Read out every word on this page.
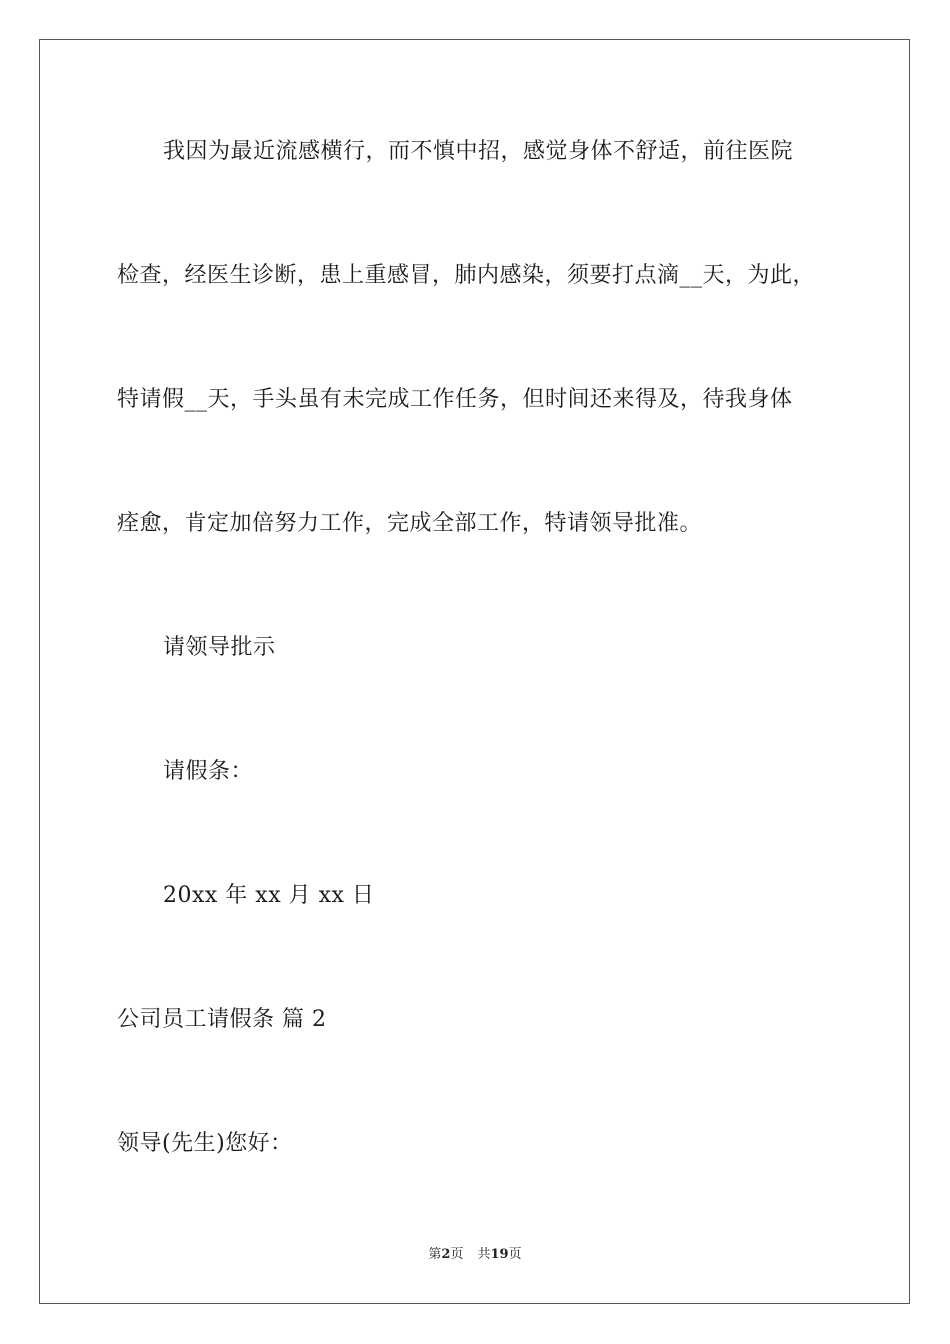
我因为最近流感横行，而不慎中招，感觉身体不舒适，前往医院
检查，经医生诊断，患上重感冒，肺内感染，须要打点滴__天，为此，
特请假__天，手头虽有未完成工作任务，但时间还来得及，待我身体
痊愈，肯定加倍努力工作，完成全部工作，特请领导批准。
请领导批示
请假条：
20xx 年 xx 月 xx 日
公司员工请假条 篇 2
领导(先生)您好：
第2页 共19页
